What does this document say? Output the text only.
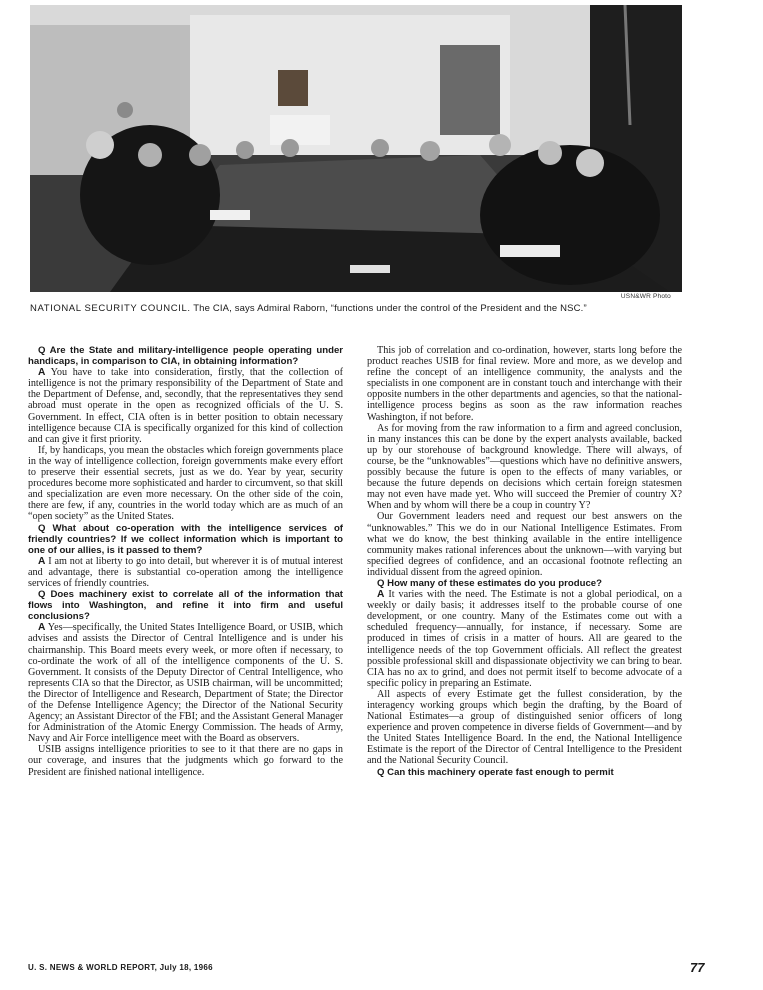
USN&WR Photo
NATIONAL SECURITY COUNCIL. The CIA, says Admiral Raborn, “functions under the control of the President and the NSC.”

Q Are the State and military-intelligence people operating under handicaps, in comparison to CIA, in obtaining information?

A You have to take into consideration, firstly, that the collection of intelligence is not the primary responsibility of the Department of State and the Department of Defense, and, secondly, that the representatives they send abroad must operate in the open as recognized officials of the U. S. Government. In effect, CIA often is in better position to obtain necessary intelligence because CIA is specifically organized for this kind of collection and can give it first priority.

If, by handicaps, you mean the obstacles which foreign governments place in the way of intelligence collection, foreign governments make every effort to preserve their essential secrets, just as we do. Year by year, security procedures become more sophisticated and harder to circumvent, so that skill and specialization are even more necessary. On the other side of the coin, there are few, if any, countries in the world today which are as much of an “open society” as the United States.

Q What about co-operation with the intelligence services of friendly countries? If we collect information which is important to one of our allies, is it passed to them?

A I am not at liberty to go into detail, but wherever it is of mutual interest and advantage, there is substantial co-operation among the intelligence services of friendly countries.

Q Does machinery exist to correlate all of the information that flows into Washington, and refine it into firm and useful conclusions?

A Yes—specifically, the United States Intelligence Board, or USIB, which advises and assists the Director of Central Intelligence and is under his chairmanship. This Board meets every week, or more often if necessary, to co-ordinate the work of all of the intelligence components of the U. S. Government. It consists of the Deputy Director of Central Intelligence, who represents CIA so that the Director, as USIB chairman, will be uncommitted; the Director of Intelligence and Research, Department of State; the Director of the Defense Intelligence Agency; the Director of the National Security Agency; an Assistant Director of the FBI; and the Assistant General Manager for Administration of the Atomic Energy Commission. The heads of Army, Navy and Air Force intelligence meet with the Board as observers.

USIB assigns intelligence priorities to see to it that there are no gaps in our coverage, and insures that the judgments which go forward to the President are finished national intelligence.

This job of correlation and co-ordination, however, starts long before the product reaches USIB for final review. More and more, as we develop and refine the concept of an intelligence community, the analysts and the specialists in one component are in constant touch and interchange with their opposite numbers in the other departments and agencies, so that the national-intelligence process begins as soon as the raw information reaches Washington, if not before.

As for moving from the raw information to a firm and agreed conclusion, in many instances this can be done by the expert analysts available, backed up by our storehouse of background knowledge. There will always, of course, be the “unknowables”—questions which have no definitive answers, possibly because the future is open to the effects of many variables, or because the future depends on decisions which certain foreign statesmen may not even have made yet. Who will succeed the Premier of country X? When and by whom will there be a coup in country Y?

Our Government leaders need and request our best answers on the “unknowables.” This we do in our National Intelligence Estimates. From what we do know, the best thinking available in the entire intelligence community makes rational inferences about the unknown—with varying but specified degrees of confidence, and an occasional footnote reflecting an individual dissent from the agreed opinion.

Q How many of these estimates do you produce?

A It varies with the need. The Estimate is not a global periodical, on a weekly or daily basis; it addresses itself to the probable course of one development, or one country. Many of the Estimates come out with a scheduled frequency—annually, for instance, if necessary. Some are produced in times of crisis in a matter of hours. All are geared to the intelligence needs of the top Government officials. All reflect the greatest possible professional skill and dispassionate objectivity we can bring to bear. CIA has no ax to grind, and does not permit itself to become advocate of a specific policy in preparing an Estimate.

All aspects of every Estimate get the fullest consideration, by the interagency working groups which begin the drafting, by the Board of National Estimates—a group of distinguished senior officers of long experience and proven competence in diverse fields of Government—and by the United States Intelligence Board. In the end, the National Intelligence Estimate is the report of the Director of Central Intelligence to the President and the National Security Council.

Q Can this machinery operate fast enough to permit

U. S. NEWS & WORLD REPORT, July 18, 1966	77
